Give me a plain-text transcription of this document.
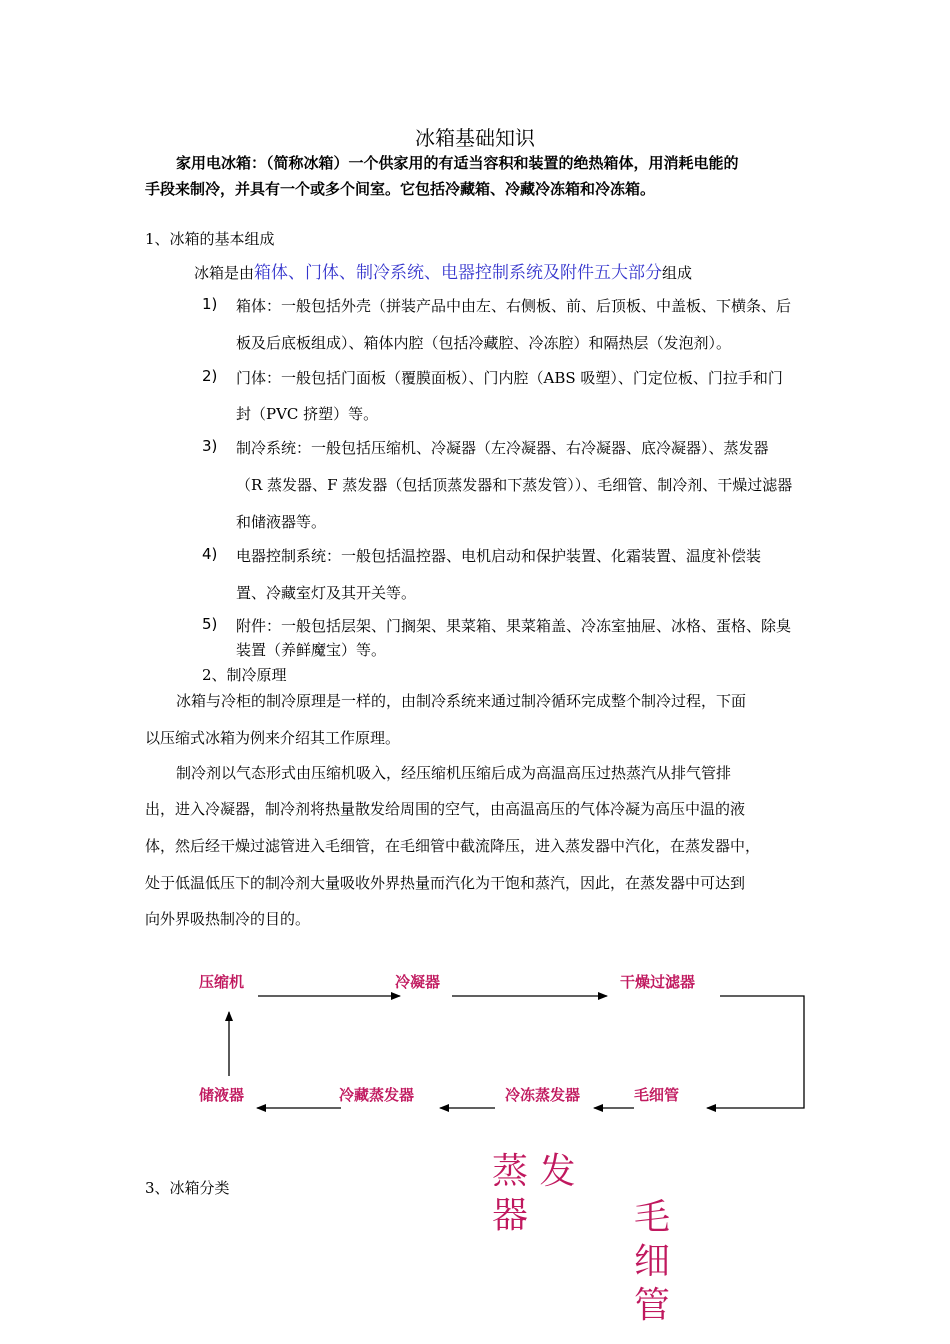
冰箱基础知识
家用电冰箱：（简称冰箱）一个供家用的有适当容积和装置的绝热箱体，用消耗电能的
手段来制冷，并具有一个或多个间室。它包括冷藏箱、冷藏冷冻箱和冷冻箱。
1、冰箱的基本组成
冰箱是由箱体、门体、制冷系统、电器控制系统及附件五大部分组成
1) 箱体：一般包括外壳（拼装产品中由左、右侧板、前、后顶板、中盖板、下横条、后
板及后底板组成）、箱体内腔（包括冷藏腔、冷冻腔）和隔热层（发泡剂）。
2) 门体：一般包括门面板（覆膜面板）、门内腔（ABS 吸塑）、门定位板、门拉手和门
封（PVC 挤塑）等。
3) 制冷系统：一般包括压缩机、冷凝器（左冷凝器、右冷凝器、底冷凝器）、蒸发器
（R 蒸发器、F 蒸发器（包括顶蒸发器和下蒸发管））、毛细管、制冷剂、干燥过滤器
和储液器等。
4) 电器控制系统：一般包括温控器、电机启动和保护装置、化霜装置、温度补偿装
置、冷藏室灯及其开关等。
5) 附件：一般包括层架、门搁架、果菜箱、果菜箱盖、冷冻室抽屉、冰格、蛋格、除臭
装置（养鲜魔宝）等。
2、制冷原理
冰箱与冷柜的制冷原理是一样的，由制冷系统来通过制冷循环完成整个制冷过程，下面
以压缩式冰箱为例来介绍其工作原理。
制冷剂以气态形式由压缩机吸入，经压缩机压缩后成为高温高压过热蒸汽从排气管排
出，进入冷凝器，制冷剂将热量散发给周围的空气，由高温高压的气体冷凝为高压中温的液
体，然后经干燥过滤管进入毛细管，在毛细管中截流降压，进入蒸发器中汽化，在蒸发器中，
处于低温低压下的制冷剂大量吸收外界热量而汽化为干饱和蒸汽，因此，在蒸发器中可达到
向外界吸热制冷的目的。
压缩机	冷凝器	干燥过滤器
储液器	冷藏蒸发器	冷冻蒸发器	毛细管
3、冰箱分类	蒸 发
器	毛
细
管
